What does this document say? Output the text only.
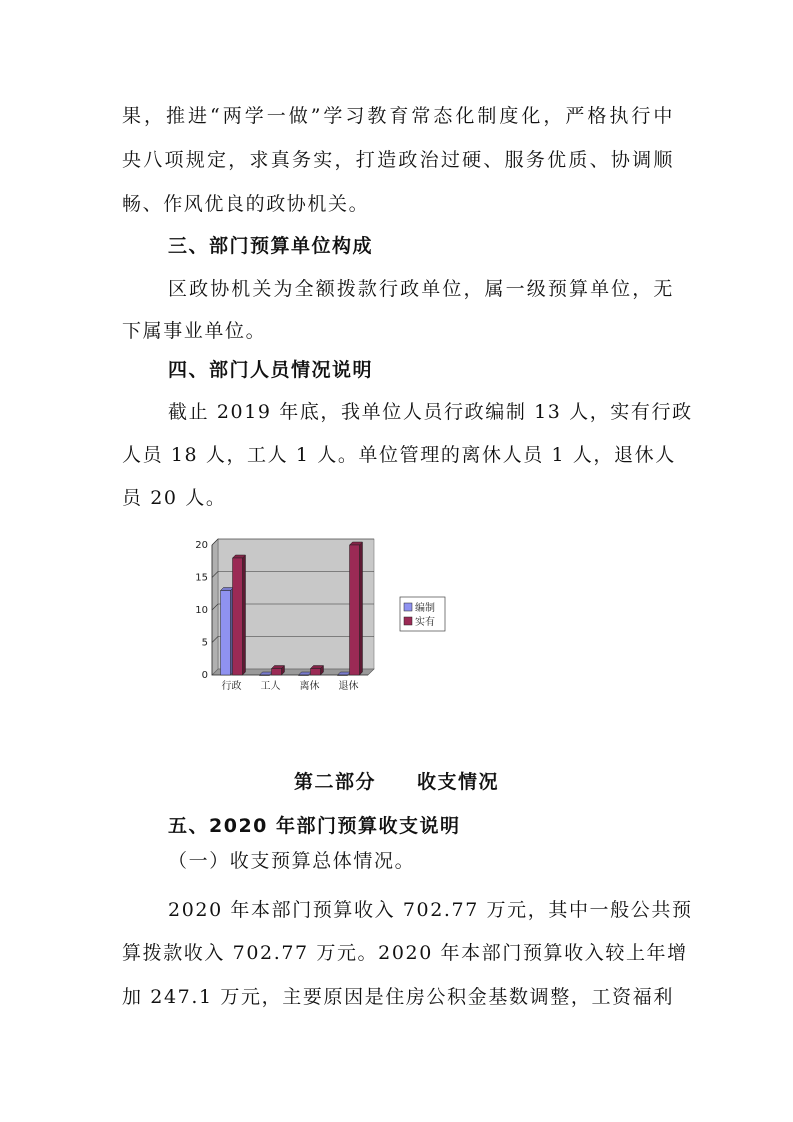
果，推进“两学一做”学习教育常态化制度化，严格执行中
央八项规定，求真务实，打造政治过硬、服务优质、协调顺
畅、作风优良的政协机关。
三、部门预算单位构成
区政协机关为全额拨款行政单位，属一级预算单位，无
下属事业单位。
四、部门人员情况说明
截止 2019 年底，我单位人员行政编制 13 人，实有行政
人员 18 人，工人 1 人。单位管理的离休人员 1 人，退休人
员 20 人。
0
5
10
15
20
行政 工人 离休 退休
编制
实有
第二部分　　收支情况
五、2020 年部门预算收支说明
（一）收支预算总体情况。
2020 年本部门预算收入 702.77 万元，其中一般公共预
算拨款收入 702.77 万元。2020 年本部门预算收入较上年增
加 247.1 万元，主要原因是住房公积金基数调整，工资福利
